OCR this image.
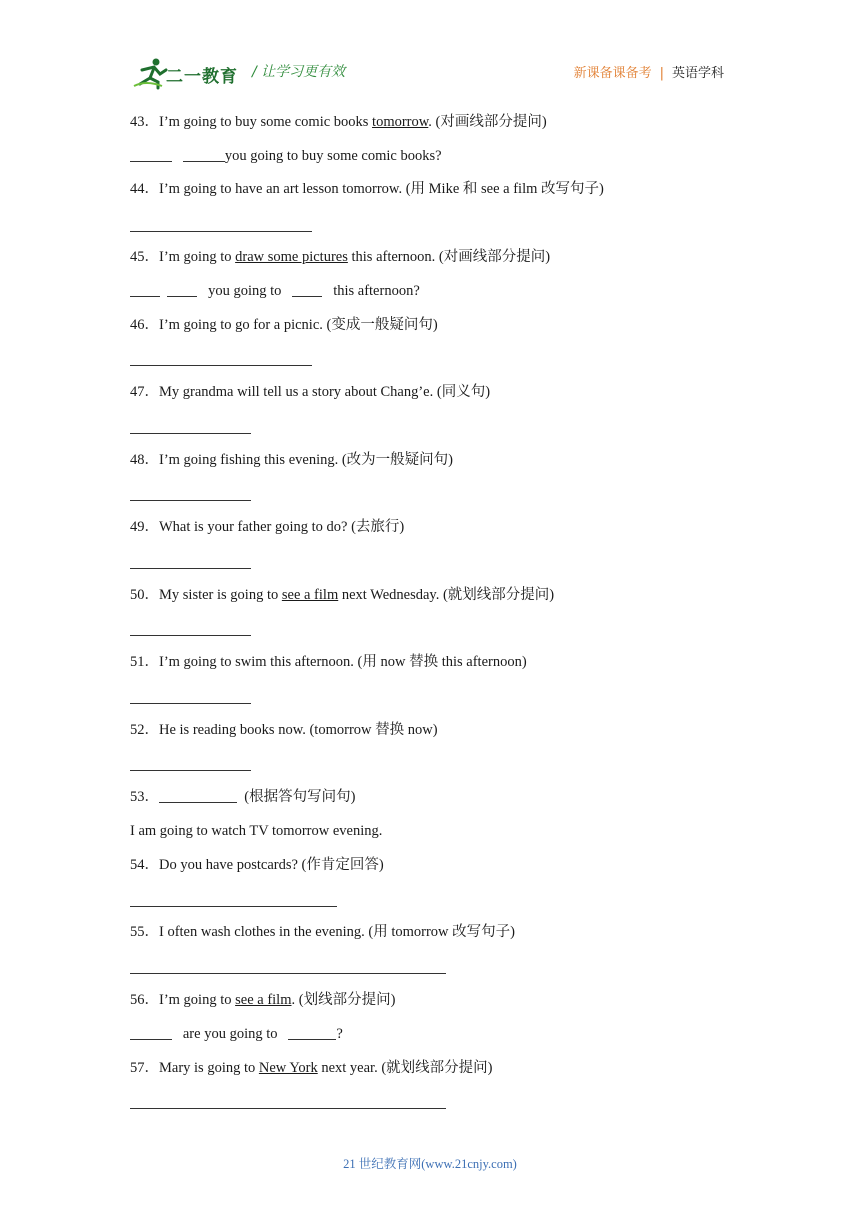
二一教育 / 让学习更有效	新课备课备考 | 英语学科
43．I’m going to buy some comic books tomorrow. (对画线部分提问)
you going to buy some comic books?
44．I’m going to have an art lesson tomorrow. (用 Mike 和 see a film 改写句子)
45．I’m going to draw some pictures this afternoon. (对画线部分提问)
you going to	this afternoon?
46．I’m going to go for a picnic. (变成一般疑问句)
47．My grandma will tell us a story about Chang’e. (同义句)
48．I’m going fishing this evening. (改为一般疑问句)
49．What is your father going to do? (去旅行)
50．My sister is going to see a film next Wednesday. (就划线部分提问)
51．I’m going to swim this afternoon. (用 now 替换 this afternoon)
52．He is reading books now. (tomorrow 替换 now)
53．	(根据答句写问句)
I am going to watch TV tomorrow evening.
54．Do you have postcards? (作肯定回答)
55．I often wash clothes in the evening. (用 tomorrow 改写句子)
56．I’m going to see a film. (划线部分提问)
are you going to	?
57．Mary is going to New York next year. (就划线部分提问)
21 世纪教育网(www.21cnjy.com)
